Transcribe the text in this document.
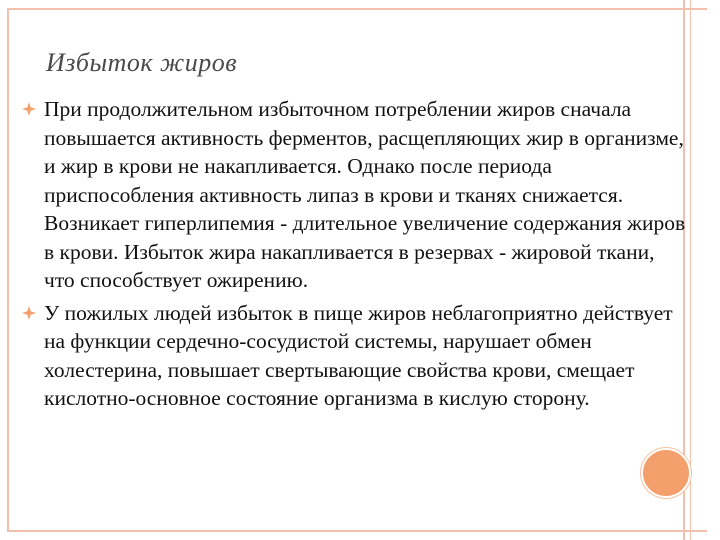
Избыток жиров
При продолжительном избыточном потреблении жиров сначала повышается активность ферментов, расщепляющих жир в организме, и жир в крови не накапливается. Однако после периода приспособления активность липаз в крови и тканях снижается. Возникает гиперлипемия - длительное увеличение содержания жиров в крови. Избыток жира накапливается в резервах - жировой ткани, что способствует ожирению.
У пожилых людей избыток в пище жиров неблагоприятно действует на функции сердечно-сосудистой системы, нарушает обмен холестерина, повышает свертывающие свойства крови, смещает кислотно-основное состояние организма в кислую сторону.
